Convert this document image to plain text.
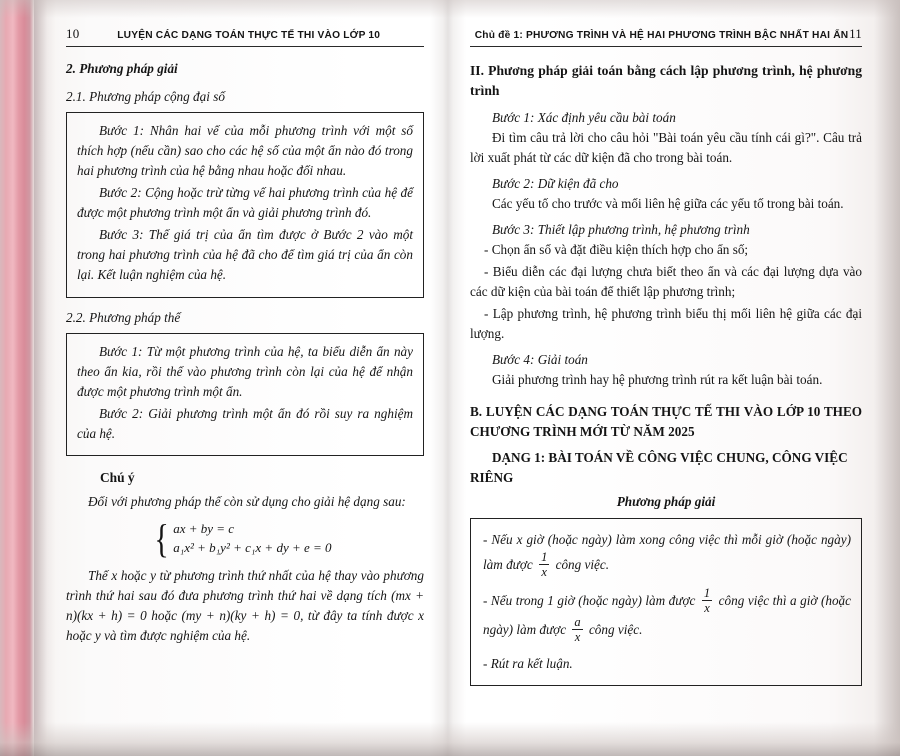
10	LUYỆN CÁC DẠNG TOÁN THỰC TẾ THI VÀO LỚP 10
2. Phương pháp giải
2.1. Phương pháp cộng đại số

Bước 1: Nhân hai vế của mỗi phương trình với một số thích hợp (nếu cần) sao cho các hệ số của một ẩn nào đó trong hai phương trình của hệ bằng nhau hoặc đối nhau.

Bước 2: Cộng hoặc trừ từng vế hai phương trình của hệ để được một phương trình một ẩn và giải phương trình đó.

Bước 3: Thế giá trị của ẩn tìm được ở Bước 2 vào một trong hai phương trình của hệ đã cho để tìm giá trị của ẩn còn lại. Kết luận nghiệm của hệ.

2.2. Phương pháp thế

Bước 1: Từ một phương trình của hệ, ta biểu diễn ẩn này theo ẩn kia, rồi thế vào phương trình còn lại của hệ để nhận được một phương trình một ẩn.

Bước 2: Giải phương trình một ẩn đó rồi suy ra nghiệm của hệ.

Chú ý

Đối với phương pháp thế còn sử dụng cho giải hệ dạng sau:

{ ax + by = c
a₁x² + b₁y² + c₁x + dy + e = 0

Thế x hoặc y từ phương trình thứ nhất của hệ thay vào phương trình thứ hai sau đó đưa phương trình thứ hai về dạng tích (mx + n)(kx + h) = 0 hoặc (my + n)(ky + h) = 0, từ đây ta tính được x hoặc y và tìm được nghiệm của hệ.

Chủ đề 1: PHƯƠNG TRÌNH VÀ HỆ HAI PHƯƠNG TRÌNH BẬC NHẤT HAI ẨN 11
II. Phương pháp giải toán bằng cách lập phương trình, hệ phương trình
Bước 1: Xác định yêu cầu bài toán

Đi tìm câu trả lời cho câu hỏi "Bài toán yêu cầu tính cái gì?". Câu trả lời xuất phát từ các dữ kiện đã cho trong bài toán.

Bước 2: Dữ kiện đã cho

Các yếu tố cho trước và mối liên hệ giữa các yếu tố trong bài toán.

Bước 3: Thiết lập phương trình, hệ phương trình

- Chọn ẩn số và đặt điều kiện thích hợp cho ẩn số;

- Biểu diễn các đại lượng chưa biết theo ẩn và các đại lượng dựa vào các dữ kiện của bài toán để thiết lập phương trình;

- Lập phương trình, hệ phương trình biểu thị mối liên hệ giữa các đại lượng.

Bước 4: Giải toán

Giải phương trình hay hệ phương trình rút ra kết luận bài toán.

B. LUYỆN CÁC DẠNG TOÁN THỰC TẾ THI VÀO LỚP 10 THEO CHƯƠNG TRÌNH MỚI TỪ NĂM 2025
DẠNG 1: BÀI TOÁN VỀ CÔNG VIỆC CHUNG, CÔNG VIỆC RIÊNG
Phương pháp giải

- Nếu x giờ (hoặc ngày) làm xong công việc thì mỗi giờ (hoặc ngày) làm được $\frac{1}{x}$ công việc.

- Nếu trong 1 giờ (hoặc ngày) làm được $\frac{1}{x}$ công việc thì a giờ (hoặc ngày) làm được $\frac{a}{x}$ công việc.

- Rút ra kết luận.
